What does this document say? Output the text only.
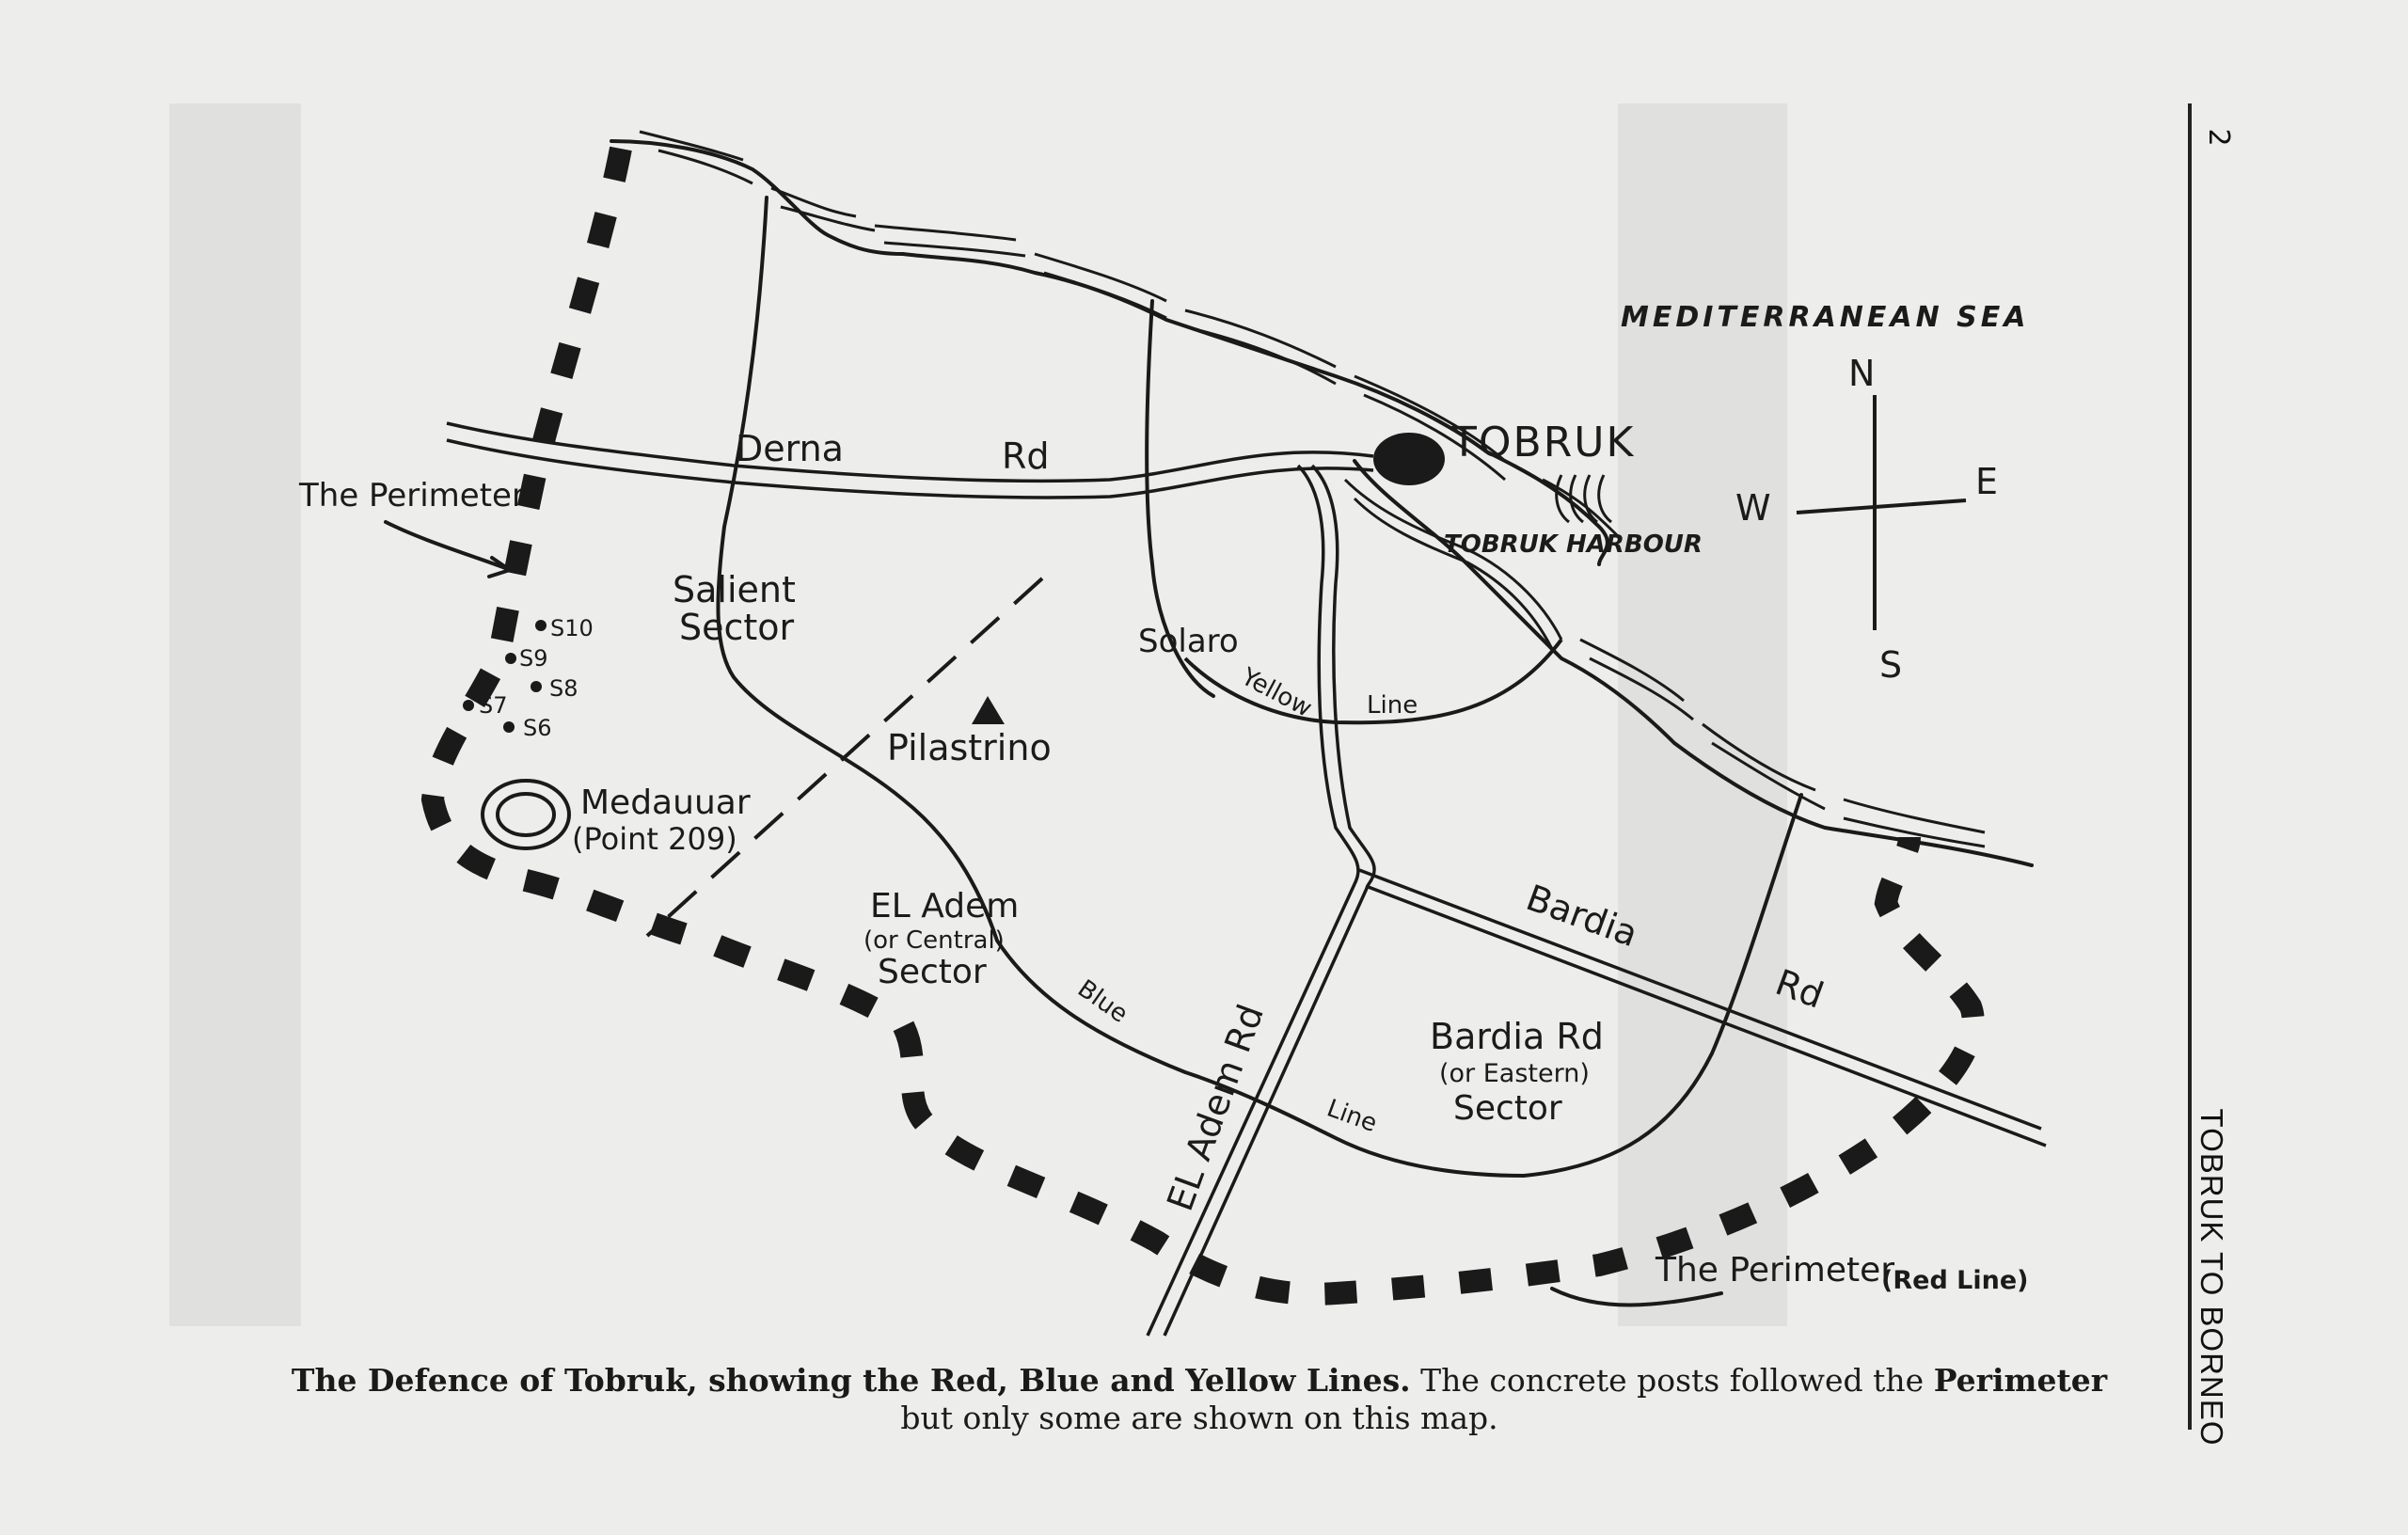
MEDITERRANEAN SEA
TOBRUK
TOBRUK HARBOUR
N
W
E
S
Derna	Rd
Bardia
Rd
EL Adem Rd
Yellow Line
Blue
Line
Salient
Sector
EL Adem
(or Central)
Sector
Bardia Rd
(or Eastern)
Sector
Pilastrino
Solaro
Medauuar
(Point 209)
S10
S9
S8
S7
S6
The Perimeter
The Perimeter
(Red Line)
The Defence of Tobruk, showing the Red, Blue and Yellow Lines. The concrete posts followed the Perimeter
but only some are shown on this map.
2
TOBRUK TO BORNEO
